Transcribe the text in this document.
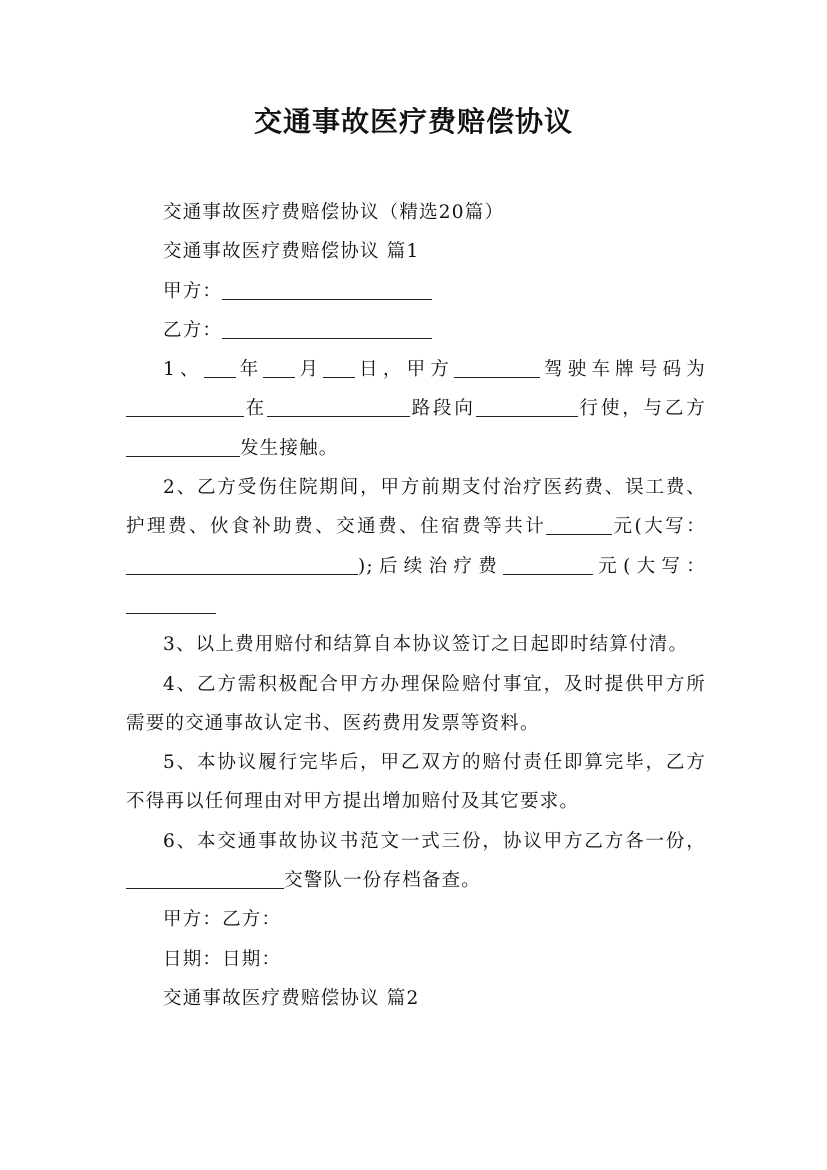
交通事故医疗费赔偿协议

交通事故医疗费赔偿协议（精选20篇）

交通事故医疗费赔偿协议 篇1

甲方：

乙方：

1、 年 月 日，甲方	驾驶车牌号码为在	路段向	行使，与乙方发生接触。

2、乙方受伤住院期间，甲方前期支付治疗医药费、误工费、护理费、伙食补助费、交通费、住宿费等共计	元(大写：);后续治疗费	元(大写：

3、以上费用赔付和结算自本协议签订之日起即时结算付清。

4、乙方需积极配合甲方办理保险赔付事宜，及时提供甲方所需要的交通事故认定书、医药费用发票等资料。

5、本协议履行完毕后，甲乙双方的赔付责任即算完毕，乙方不得再以任何理由对甲方提出增加赔付及其它要求。

6、本交通事故协议书范文一式三份，协议甲方乙方各一份，交警队一份存档备查。

甲方：乙方：

日期：日期：

交通事故医疗费赔偿协议 篇2
